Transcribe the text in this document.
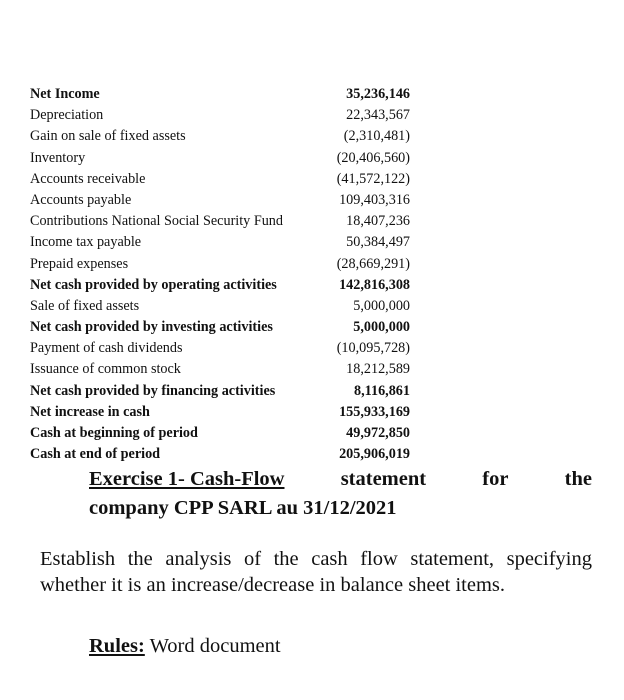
Net Income	35,236,146
Depreciation	22,343,567
Gain on sale of fixed assets	(2,310,481)
Inventory	(20,406,560)
Accounts receivable	(41,572,122)
Accounts payable	109,403,316
Contributions National Social Security Fund	18,407,236
Income tax payable	50,384,497
Prepaid expenses	(28,669,291)
Net cash provided by operating activities	142,816,308
Sale of fixed assets	5,000,000
Net cash provided by investing activities	5,000,000
Payment of cash dividends	(10,095,728)
Issuance of common stock	18,212,589
Net cash provided by financing activities	8,116,861
Net increase in cash	155,933,169
Cash at beginning of period	49,972,850
Cash at end of period	205,906,019
Exercise 1- Cash-Flow	statement	for	the
company CPP SARL au 31/12/2021
Establish the analysis of the cash flow statement, specifying whether it is an increase/decrease in balance sheet items.
Rules: Word document
